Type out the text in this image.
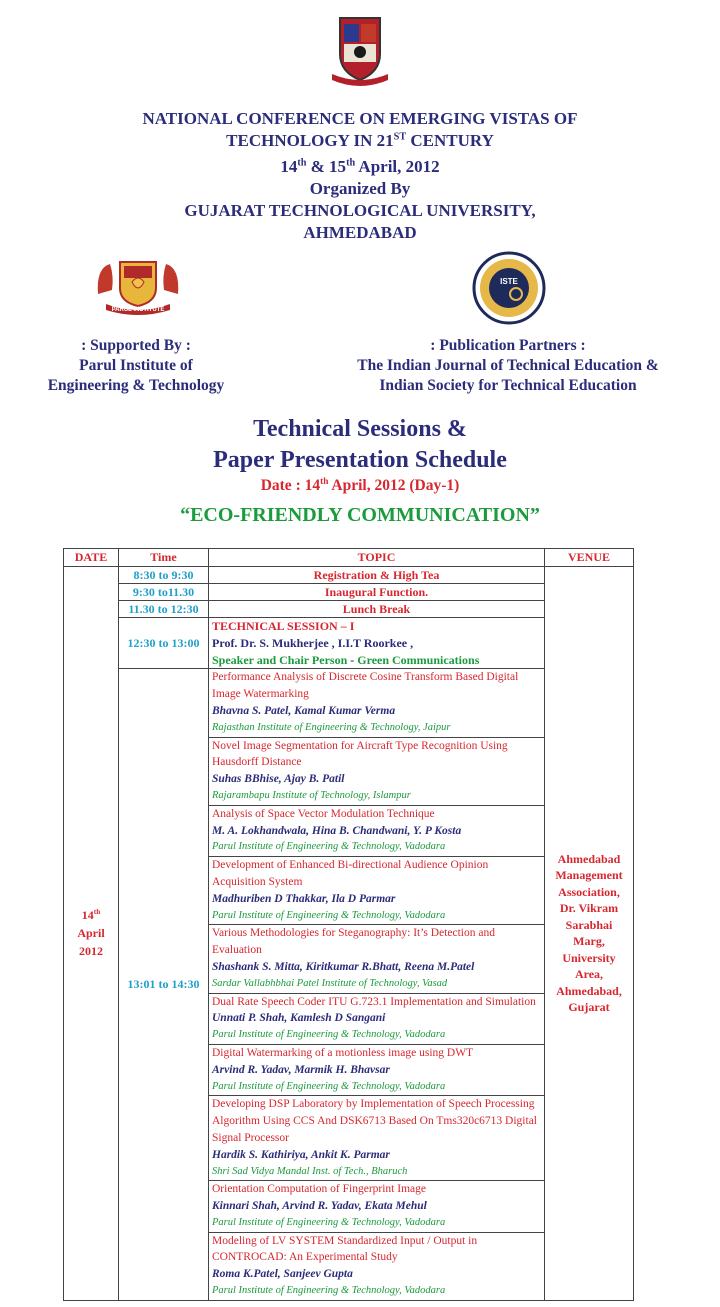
NATIONAL CONFERENCE ON EMERGING VISTAS OF
TECHNOLOGY IN 21ST CENTURY
14th & 15th April, 2012
Organized By
GUJARAT TECHNOLOGICAL UNIVERSITY,
AHMEDABAD
PARUL INSTITUTE
ISTE
: Supported By :
Parul Institute of
Engineering & Technology
: Publication Partners :
The Indian Journal of Technical Education &
Indian Society for Technical Education
Technical Sessions &
Paper Presentation Schedule
Date : 14th April, 2012 (Day-1)
“ECO-FRIENDLY COMMUNICATION”
DATE	Time	TOPIC	VENUE

14th
April
2012	8:30 to 9:30	Registration & High Tea	Ahmedabad Management Association, Dr. Vikram Sarabhai Marg, University Area, Ahmedabad, Gujarat
	9:30 to11.30	Inaugural Function.	
	11.30 to 12:30	Lunch Break	
	12:30 to 13:00	TECHNICAL SESSION – I
Prof. Dr. S. Mukherjee , I.I.T Roorkee ,
Speaker and Chair Person - Green Communications	

	13:01 to 14:30	Performance Analysis of Discrete Cosine Transform Based Digital Image Watermarking
Bhavna S. Patel, Kamal Kumar Verma
Rajasthan Institute of Engineering & Technology, Jaipur	

		Novel Image Segmentation for Aircraft Type Recognition Using Hausdorff Distance
Suhas BBhise, Ajay B. Patil
Rajarambapu Institute of Technology, Islampur	

		Analysis of Space Vector Modulation Technique
M. A. Lokhandwala, Hina B. Chandwani, Y. P Kosta
Parul Institute of Engineering & Technology, Vadodara	

		Development of Enhanced Bi-directional Audience Opinion Acquisition System
Madhuriben D Thakkar, Ila D Parmar
Parul Institute of Engineering & Technology, Vadodara	

		Various Methodologies for Steganography: It’s Detection and Evaluation
Shashank S. Mitta, Kiritkumar R.Bhatt, Reena M.Patel
Sardar Vallabhbhai Patel Institute of Technology, Vasad	

		Dual Rate Speech Coder ITU G.723.1 Implementation and Simulation
Unnati P. Shah, Kamlesh D Sangani
Parul Institute of Engineering & Technology, Vadodara	

		Digital Watermarking of a motionless image using DWT
Arvind R. Yadav, Marmik H. Bhavsar
Parul Institute of Engineering & Technology, Vadodara	

		Developing DSP Laboratory by Implementation of Speech Processing Algorithm Using CCS And DSK6713 Based On Tms320c6713 Digital Signal Processor
Hardik S. Kathiriya, Ankit K. Parmar
Shri Sad Vidya Mandal Inst. of Tech., Bharuch	

		Orientation Computation of Fingerprint Image
Kinnari Shah, Arvind R. Yadav, Ekata Mehul
Parul Institute of Engineering & Technology, Vadodara	

		Modeling of LV SYSTEM Standardized Input / Output in CONTROCAD: An Experimental Study
Roma K.Patel, Sanjeev Gupta
Parul Institute of Engineering & Technology, Vadodara	
